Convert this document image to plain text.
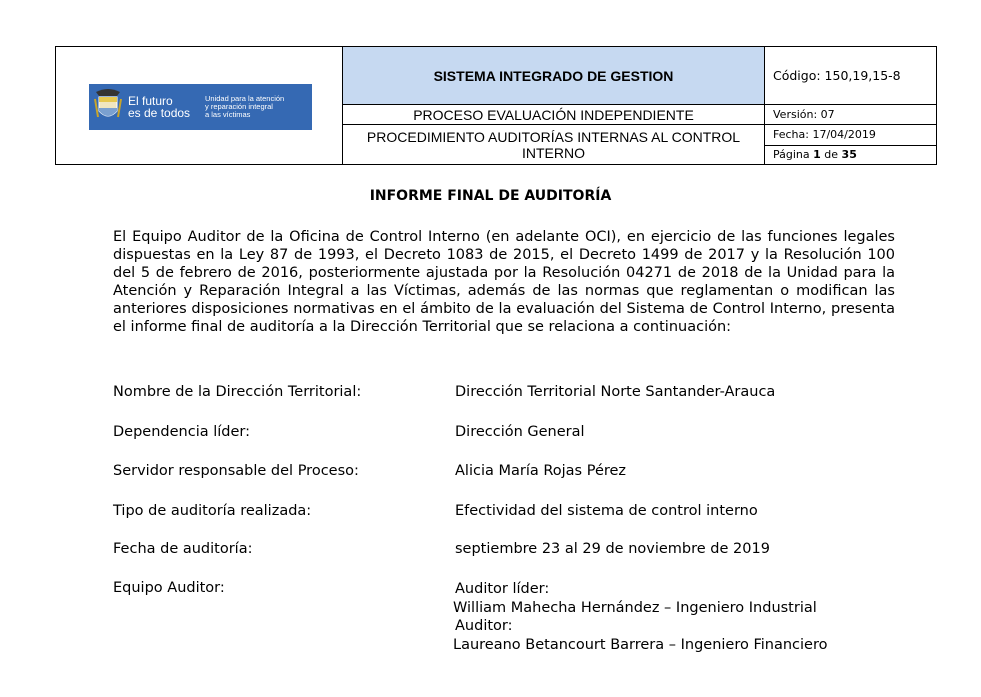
El futuro
es de todos
Unidad para la atención
y reparación integral
a las víctimas	SISTEMA INTEGRADO DE GESTION	Código: 150,19,15-8
	PROCESO EVALUACIÓN INDEPENDIENTE	Versión: 07
	PROCEDIMIENTO AUDITORÍAS INTERNAS AL CONTROL INTERNO	Fecha: 17/04/2019
		Página 1 de 35
INFORME FINAL DE AUDITORÍA
El Equipo Auditor de la Oficina de Control Interno (en adelante OCI), en ejercicio de las funciones legales dispuestas en la Ley 87 de 1993, el Decreto 1083 de 2015, el Decreto 1499 de 2017 y la Resolución 100 del 5 de febrero de 2016, posteriormente ajustada por la Resolución 04271 de 2018 de la Unidad para la Atención y Reparación Integral a las Víctimas, además de las normas que reglamentan o modifican las anteriores disposiciones normativas en el ámbito de la evaluación del Sistema de Control Interno, presenta el informe final de auditoría a la Dirección Territorial que se relaciona a continuación:
Nombre de la Dirección Territorial:	Dirección Territorial Norte Santander-Arauca
Dependencia líder:	Dirección General
Servidor responsable del Proceso:	Alicia María Rojas Pérez
Tipo de auditoría realizada:	Efectividad del sistema de control interno
Fecha de auditoría:	septiembre 23 al 29 de noviembre de 2019
Equipo Auditor:	Auditor líder:
William Mahecha Hernández – Ingeniero Industrial
Auditor:
Laureano Betancourt Barrera – Ingeniero Financiero
